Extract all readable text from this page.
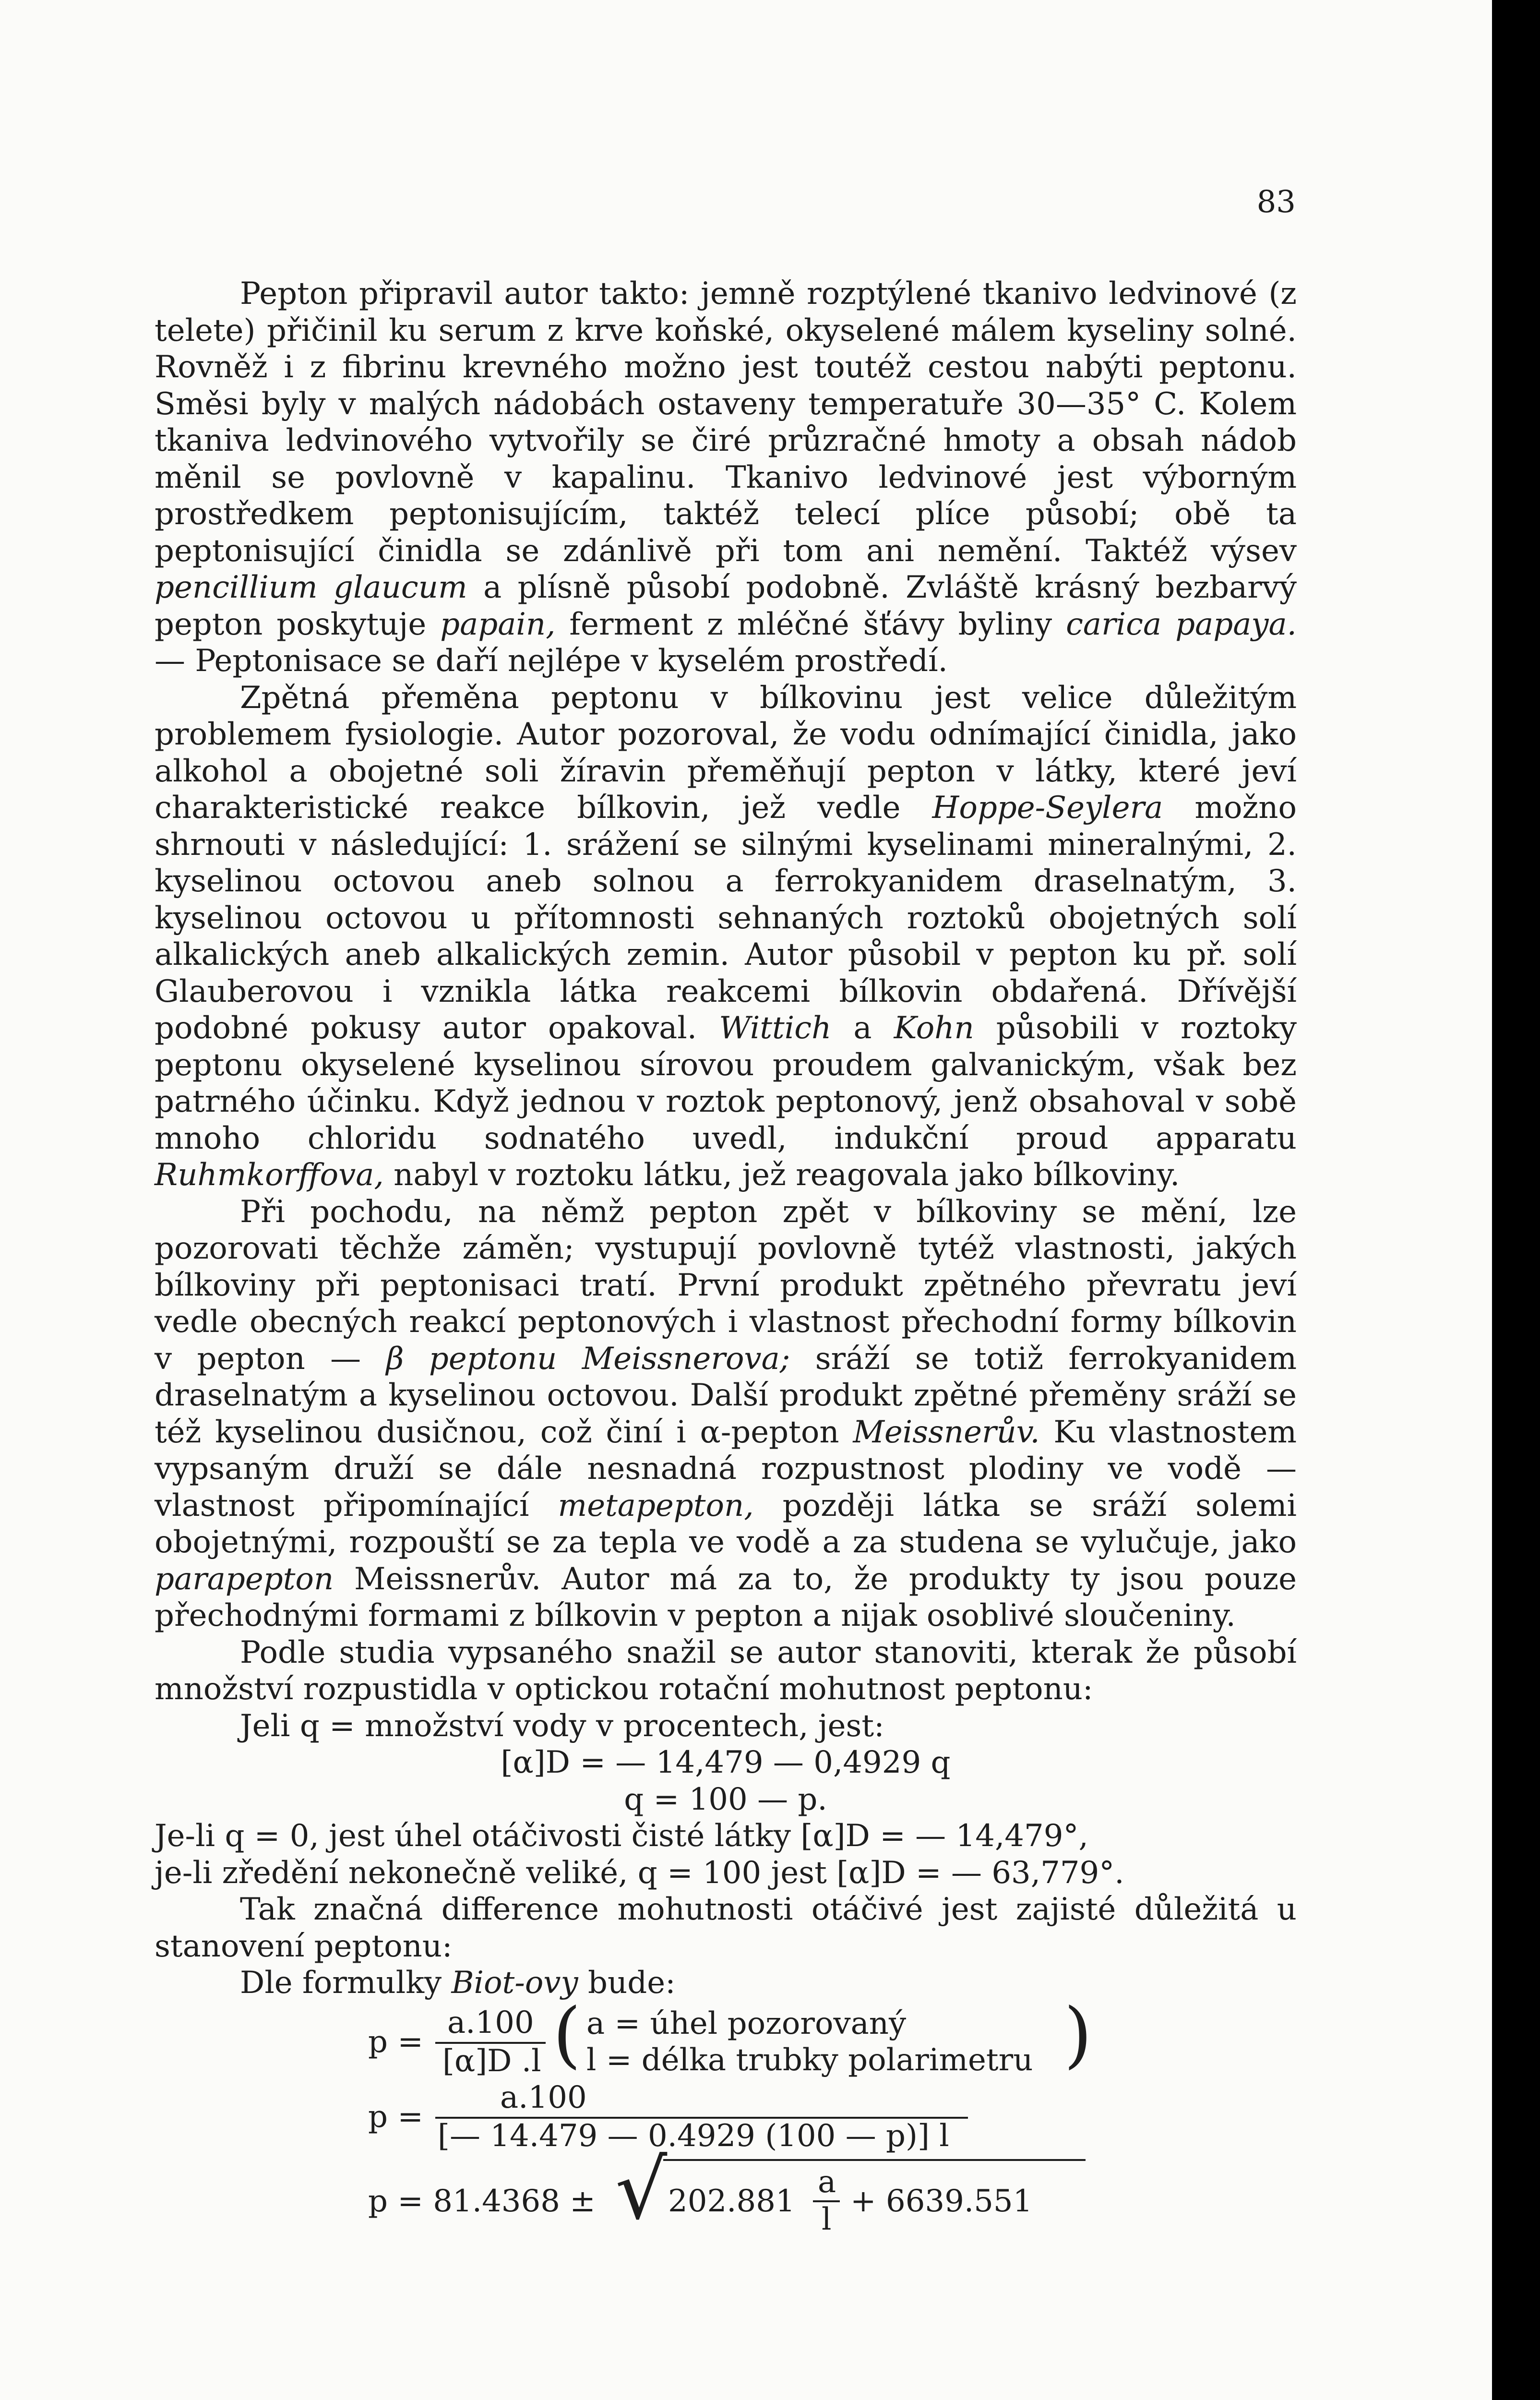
83

Pepton připravil autor takto: jemně rozptýlené tkanivo ledvinové (z telete) přičinil ku serum z krve koňské, okyselené málem kyseliny solné. Rovněž i z fibrinu krevného možno jest toutéž cestou nabýti peptonu. Směsi byly v malých nádobách ostaveny temperatuře 30—35° C. Kolem tkaniva ledvinového vytvořily se čiré průzračné hmoty a obsah nádob měnil se povlovně v kapalinu. Tkanivo ledvinové jest výborným prostředkem peptonisujícím, taktéž telecí plíce působí; obě ta peptonisující činidla se zdánlivě při tom ani nemění. Taktéž výsev pencillium glaucum a plísně působí podobně. Zvláště krásný bezbarvý pepton poskytuje papain, ferment z mléčné šťávy byliny carica papaya. — Peptonisace se daří nejlépe v kyselém prostředí.

Zpětná přeměna peptonu v bílkovinu jest velice důležitým problemem fysiologie. Autor pozoroval, že vodu odnímající činidla, jako alkohol a obojetné soli žíravin přeměňují pepton v látky, které jeví charakteristické reakce bílkovin, jež vedle Hoppe-Seylera možno shrnouti v následující: 1. srážení se silnými kyselinami mineralnými, 2. kyselinou octovou aneb solnou a ferrokyanidem draselnatým, 3. kyselinou octovou u přítomnosti sehnaných roztoků obojetných solí alkalických aneb alkalických zemin. Autor působil v pepton ku př. solí Glauberovou i vznikla látka reakcemi bílkovin obdařená. Dřívější podobné pokusy autor opakoval. Wittich a Kohn působili v roztoky peptonu okyselené kyselinou sírovou proudem galvanickým, však bez patrného účinku. Když jednou v roztok peptonový, jenž obsahoval v sobě mnoho chloridu sodnatého uvedl, indukční proud apparatu Ruhmkorffova, nabyl v roztoku látku, jež reagovala jako bílkoviny.

Při pochodu, na němž pepton zpět v bílkoviny se mění, lze pozorovati těchže záměn; vystupují povlovně tytéž vlastnosti, jakých bílkoviny při peptonisaci tratí. První produkt zpětného převratu jeví vedle obecných reakcí peptonových i vlastnost přechodní formy bílkovin v pepton — β peptonu Meissnerova; sráží se totiž ferrokyanidem draselnatým a kyselinou octovou. Další produkt zpětné přeměny sráží se též kyselinou dusičnou, což činí i α-pepton Meissnerův. Ku vlastnostem vypsaným druží se dále nesnadná rozpustnost plodiny ve vodě — vlastnost připomínající metapepton, později látka se sráží solemi obojetnými, rozpouští se za tepla ve vodě a za studena se vylučuje, jako parapepton Meissnerův. Autor má za to, že produkty ty jsou pouze přechodnými formami z bílkovin v pepton a nijak osoblivé sloučeniny.

Podle studia vypsaného snažil se autor stanoviti, kterak že působí množství rozpustidla v optickou rotační mohutnost peptonu:

Jeli q = množství vody v procentech, jest:

[α]D = — 14,479 — 0,4929 q
q = 100 — p.
Je-li q = 0, jest úhel otáčivosti čisté látky [α]D = — 14,479°,
je-li zředění nekonečně veliké, q = 100 jest [α]D = — 63,779°.

Tak značná difference mohutnosti otáčivé jest zajisté důležitá u stanovení peptonu:

Dle formulky Biot-ovy bude:

p =
a.100
[α]D .l ( a = úhel pozorovaný
l = délka trubky polarimetru )
p =
a.100
[— 14.479 — 0.4929 (100 — p)] l
p = 81.4368 ± √ 202.881
a
l
+ 6639.551
